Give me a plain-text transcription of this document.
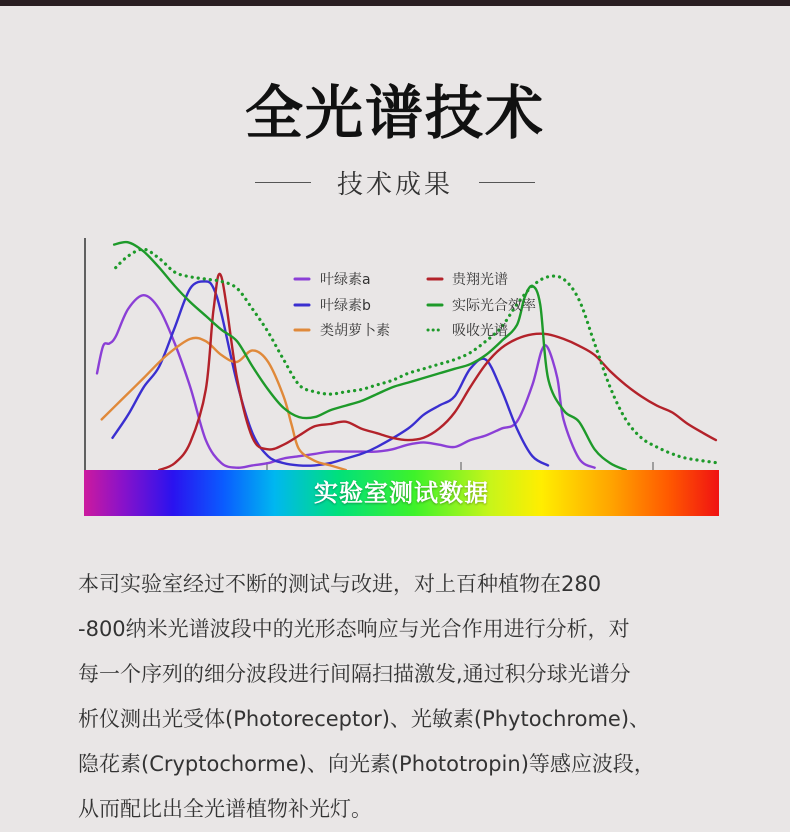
全光谱技术
技术成果
叶绿素a	贵翔光谱
叶绿素b	实际光合效率
类胡萝卜素	吸收光谱
实验室测试数据
本司实验室经过不断的测试与改进，对上百种植物在280
-800纳米光谱波段中的光形态响应与光合作用进行分析，对
每一个序列的细分波段进行间隔扫描激发,通过积分球光谱分
析仪测出光受体(Photoreceptor)、光敏素(Phytochrome)、
隐花素(Cryptochorme)、向光素(Phototropin)等感应波段，
从而配比出全光谱植物补光灯。
